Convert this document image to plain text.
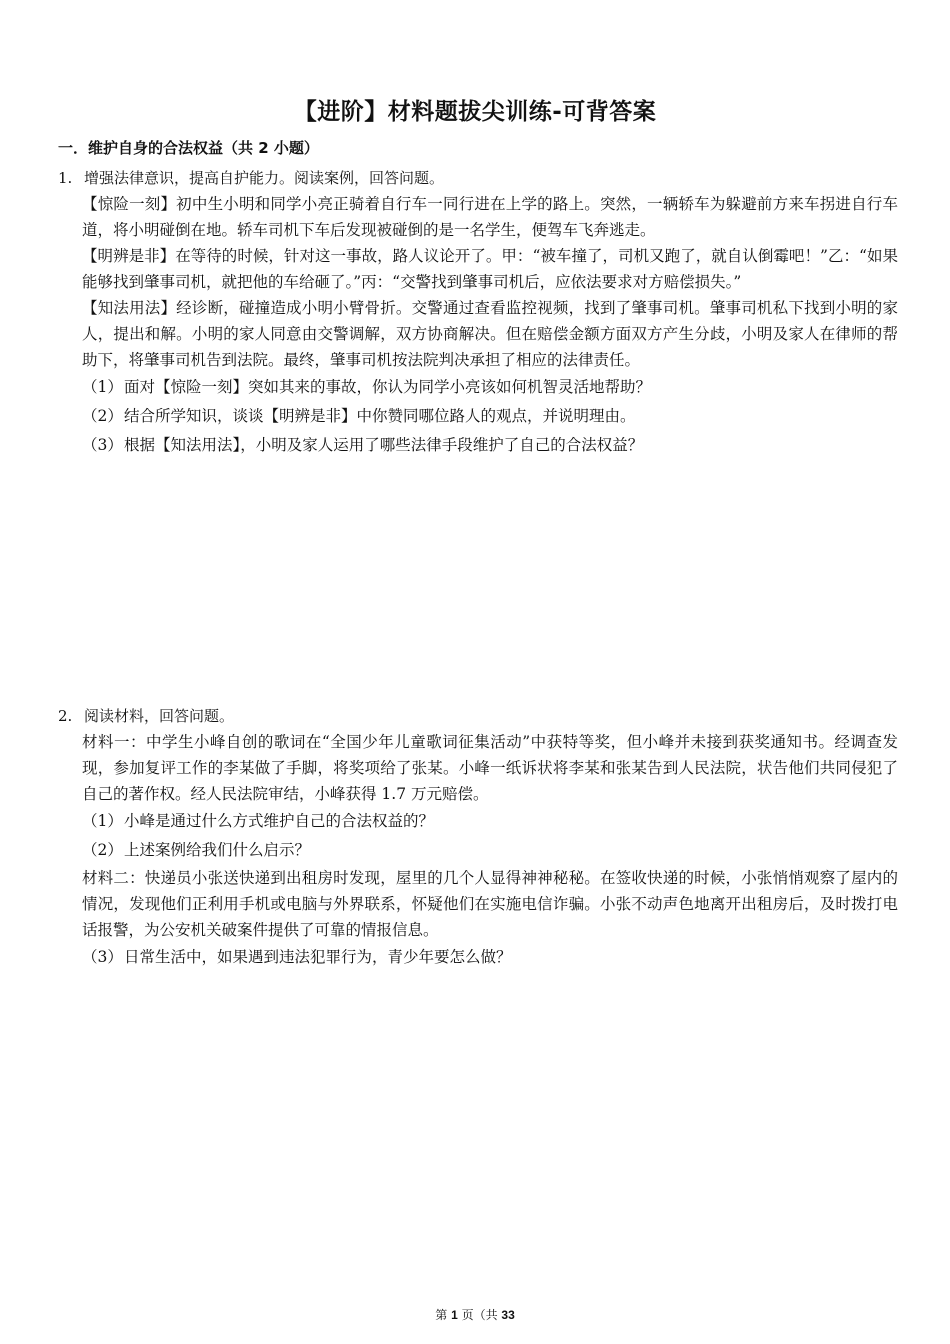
【进阶】材料题拔尖训练-可背答案
一．维护自身的合法权益（共 2 小题）
1. 增强法律意识，提高自护能力。阅读案例，回答问题。
【惊险一刻】初中生小明和同学小亮正骑着自行车一同行进在上学的路上。突然，一辆轿车为躲避前方来车拐进自行车道，将小明碰倒在地。轿车司机下车后发现被碰倒的是一名学生，便驾车飞奔逃走。
【明辨是非】在等待的时候，针对这一事故，路人议论开了。甲：“被车撞了，司机又跑了，就自认倒霉吧！”乙：“如果能够找到肇事司机，就把他的车给砸了。”丙：“交警找到肇事司机后，应依法要求对方赔偿损失。”
【知法用法】经诊断，碰撞造成小明小臂骨折。交警通过查看监控视频，找到了肇事司机。肇事司机私下找到小明的家人，提出和解。小明的家人同意由交警调解，双方协商解决。但在赔偿金额方面双方产生分歧，小明及家人在律师的帮助下，将肇事司机告到法院。最终，肇事司机按法院判决承担了相应的法律责任。
（1）面对【惊险一刻】突如其来的事故，你认为同学小亮该如何机智灵活地帮助？
（2）结合所学知识，谈谈【明辨是非】中你赞同哪位路人的观点，并说明理由。
（3）根据【知法用法】，小明及家人运用了哪些法律手段维护了自己的合法权益？
2. 阅读材料，回答问题。
材料一：中学生小峰自创的歌词在“全国少年儿童歌词征集活动”中获特等奖，但小峰并未接到获奖通知书。经调查发现，参加复评工作的李某做了手脚，将奖项给了张某。小峰一纸诉状将李某和张某告到人民法院，状告他们共同侵犯了自己的著作权。经人民法院审结，小峰获得 1.7 万元赔偿。
（1）小峰是通过什么方式维护自己的合法权益的？
（2）上述案例给我们什么启示？
材料二：快递员小张送快递到出租房时发现，屋里的几个人显得神神秘秘。在签收快递的时候，小张悄悄观察了屋内的情况，发现他们正利用手机或电脑与外界联系，怀疑他们在实施电信诈骗。小张不动声色地离开出租房后，及时拨打电话报警，为公安机关破案件提供了可靠的情报信息。
（3）日常生活中，如果遇到违法犯罪行为，青少年要怎么做？
第 1 页（共 33
